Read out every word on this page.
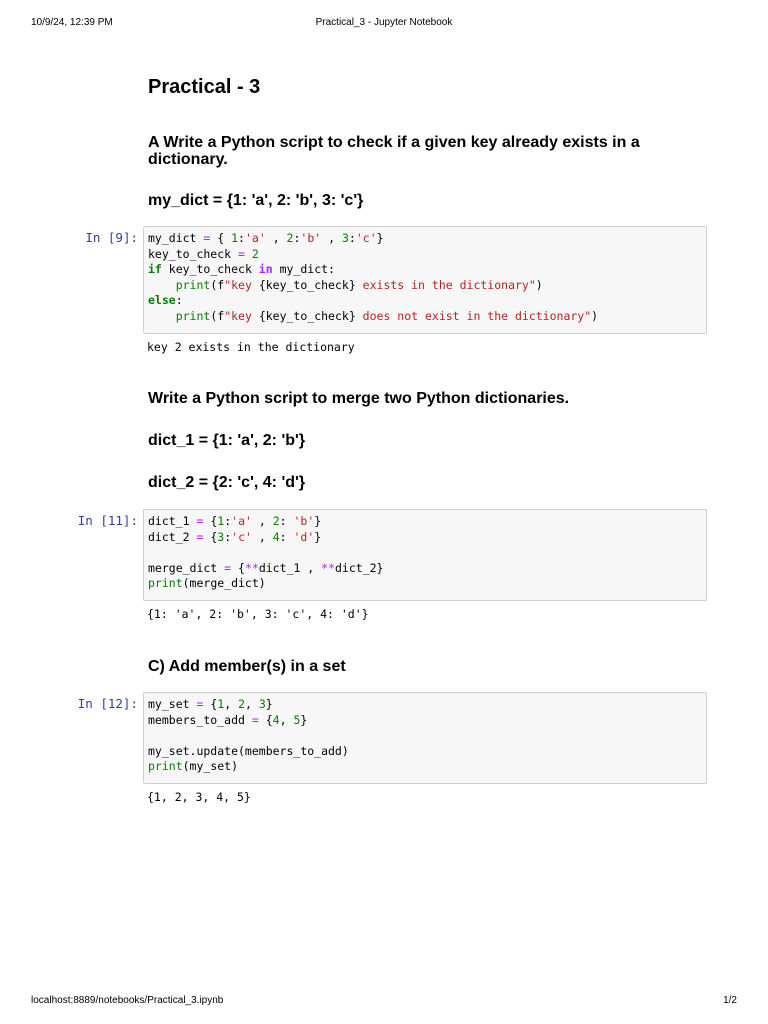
10/9/24, 12:39 PM	Practical_3 - Jupyter Notebook
Practical - 3
A Write a Python script to check if a given key already exists in a dictionary.
my_dict = {1: 'a', 2: 'b', 3: 'c'}
In [9]: my_dict = { 1:'a' , 2:'b' , 3:'c'}
key_to_check = 2
if key_to_check in my_dict:
print(f"key {key_to_check} exists in the dictionary")
else:
print(f"key {key_to_check} does not exist in the dictionary")
key 2 exists in the dictionary
Write a Python script to merge two Python dictionaries.
dict_1 = {1: 'a', 2: 'b'}
dict_2 = {2: 'c', 4: 'd'}
In [11]: dict_1 = {1:'a' , 2: 'b'}
dict_2 = {3:'c' , 4: 'd'}

merge_dict = {**dict_1 , **dict_2}
print(merge_dict)
{1: 'a', 2: 'b', 3: 'c', 4: 'd'}
C) Add member(s) in a set
In [12]: my_set = {1, 2, 3}
members_to_add = {4, 5}

my_set.update(members_to_add)
print(my_set)
{1, 2, 3, 4, 5}
localhost:8889/notebooks/Practical_3.ipynb	1/2
